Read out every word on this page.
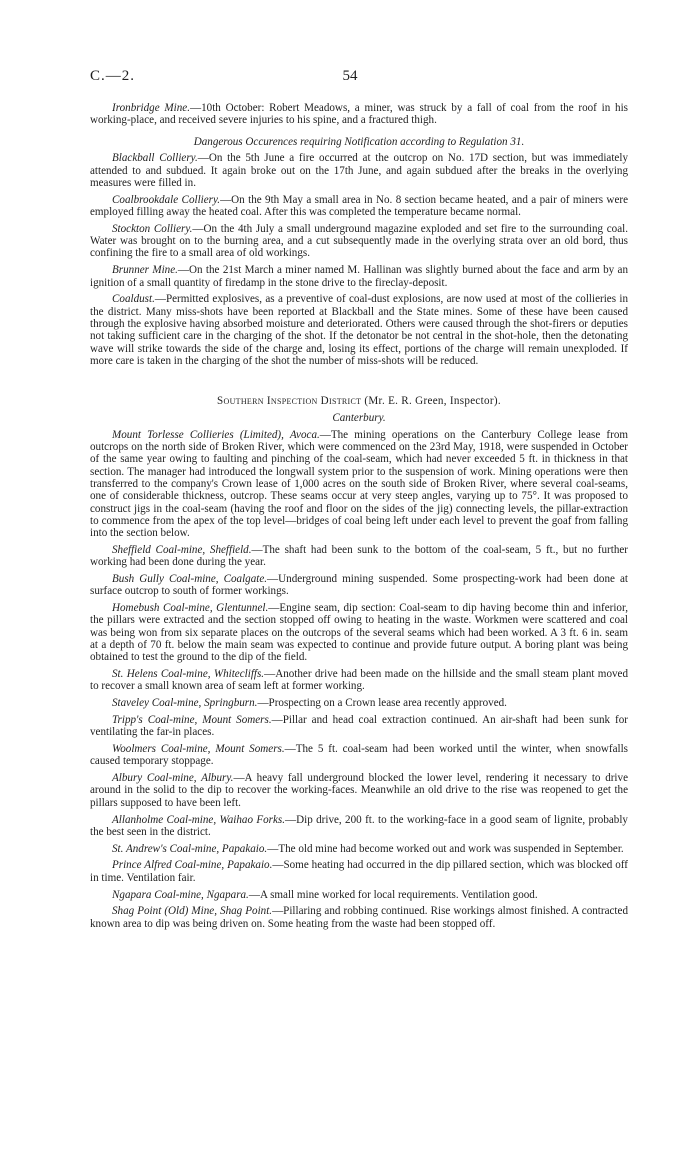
C.—2.	54

Ironbridge Mine.—10th October: Robert Meadows, a miner, was struck by a fall of coal from the roof in his working-place, and received severe injuries to his spine, and a fractured thigh.

Dangerous Occurences requiring Notification according to Regulation 31.

Blackball Colliery.—On the 5th June a fire occurred at the outcrop on No. 17D section, but was immediately attended to and subdued. It again broke out on the 17th June, and again subdued after the breaks in the overlying measures were filled in.

Coalbrookdale Colliery.—On the 9th May a small area in No. 8 section became heated, and a pair of miners were employed filling away the heated coal. After this was completed the temperature became normal.

Stockton Colliery.—On the 4th July a small underground magazine exploded and set fire to the surrounding coal. Water was brought on to the burning area, and a cut subsequently made in the overlying strata over an old bord, thus confining the fire to a small area of old workings.

Brunner Mine.—On the 21st March a miner named M. Hallinan was slightly burned about the face and arm by an ignition of a small quantity of firedamp in the stone drive to the fireclay-deposit.

Coaldust.—Permitted explosives, as a preventive of coal-dust explosions, are now used at most of the collieries in the district. Many miss-shots have been reported at Blackball and the State mines. Some of these have been caused through the explosive having absorbed moisture and deteriorated. Others were caused through the shot-firers or deputies not taking sufficient care in the charging of the shot. If the detonator be not central in the shot-hole, then the detonating wave will strike towards the side of the charge and, losing its effect, portions of the charge will remain unexploded. If more care is taken in the charging of the shot the number of miss-shots will be reduced.

Southern Inspection District (Mr. E. R. Green, Inspector).

Canterbury.

Mount Torlesse Collieries (Limited), Avoca.—The mining operations on the Canterbury College lease from outcrops on the north side of Broken River, which were commenced on the 23rd May, 1918, were suspended in October of the same year owing to faulting and pinching of the coal-seam, which had never exceeded 5 ft. in thickness in that section. The manager had introduced the longwall system prior to the suspension of work. Mining operations were then transferred to the company's Crown lease of 1,000 acres on the south side of Broken River, where several coal-seams, one of considerable thickness, outcrop. These seams occur at very steep angles, varying up to 75°. It was proposed to construct jigs in the coal-seam (having the roof and floor on the sides of the jig) connecting levels, the pillar-extraction to commence from the apex of the top level—bridges of coal being left under each level to prevent the goaf from falling into the section below.

Sheffield Coal-mine, Sheffield.—The shaft had been sunk to the bottom of the coal-seam, 5 ft., but no further working had been done during the year.

Bush Gully Coal-mine, Coalgate.—Underground mining suspended. Some prospecting-work had been done at surface outcrop to south of former workings.

Homebush Coal-mine, Glentunnel.—Engine seam, dip section: Coal-seam to dip having become thin and inferior, the pillars were extracted and the section stopped off owing to heating in the waste. Workmen were scattered and coal was being won from six separate places on the outcrops of the several seams which had been worked. A 3 ft. 6 in. seam at a depth of 70 ft. below the main seam was expected to continue and provide future output. A boring plant was being obtained to test the ground to the dip of the field.

St. Helens Coal-mine, Whitecliffs.—Another drive had been made on the hillside and the small steam plant moved to recover a small known area of seam left at former working.

Staveley Coal-mine, Springburn.—Prospecting on a Crown lease area recently approved.

Tripp's Coal-mine, Mount Somers.—Pillar and head coal extraction continued. An air-shaft had been sunk for ventilating the far-in places.

Woolmers Coal-mine, Mount Somers.—The 5 ft. coal-seam had been worked until the winter, when snowfalls caused temporary stoppage.

Albury Coal-mine, Albury.—A heavy fall underground blocked the lower level, rendering it necessary to drive around in the solid to the dip to recover the working-faces. Meanwhile an old drive to the rise was reopened to get the pillars supposed to have been left.

Allanholme Coal-mine, Waihao Forks.—Dip drive, 200 ft. to the working-face in a good seam of lignite, probably the best seen in the district.

St. Andrew's Coal-mine, Papakaio.—The old mine had become worked out and work was suspended in September.

Prince Alfred Coal-mine, Papakaio.—Some heating had occurred in the dip pillared section, which was blocked off in time. Ventilation fair.

Ngapara Coal-mine, Ngapara.—A small mine worked for local requirements. Ventilation good.

Shag Point (Old) Mine, Shag Point.—Pillaring and robbing continued. Rise workings almost finished. A contracted known area to dip was being driven on. Some heating from the waste had been stopped off.
